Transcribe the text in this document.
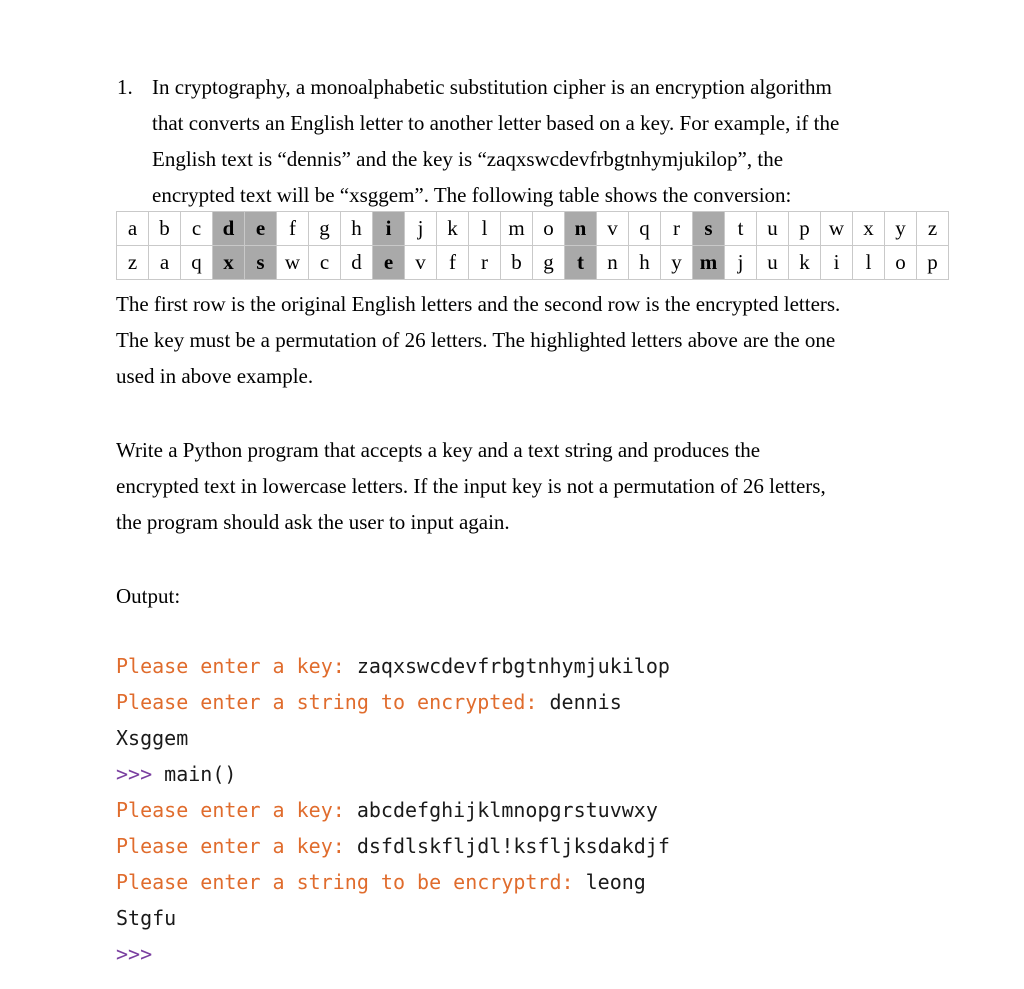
1. In cryptography, a monoalphabetic substitution cipher is an encryption algorithm

that converts an English letter to another letter based on a key. For example, if the

English text is “dennis” and the key is “zaqxswcdevfrbgtnhymjukilop”, the

encrypted text will be “xsggem”. The following table shows the conversion:

a	b	c	d	e	f	g	h	i	j	k	l	m	o	n	v	q	r	s	t	u	p	w	x	y	z
z	a	q	x	s	w	c	d	e	v	f	r	b	g	t	n	h	y	m	j	u	k	i	l	o	p

The first row is the original English letters and the second row is the encrypted letters.
The key must be a permutation of 26 letters. The highlighted letters above are the one
used in above example.

Write a Python program that accepts a key and a text string and produces the
encrypted text in lowercase letters. If the input key is not a permutation of 26 letters,
the program should ask the user to input again.

Output:
Please enter a key: zaqxswcdevfrbgtnhymjukilop
Please enter a string to encrypted: dennis
Xsggem
>>> main()
Please enter a key: abcdefghijklmnopgrstuvwxy
Please enter a key: dsfdlskfljdl!ksfljksdakdjf
Please enter a string to be encryptrd: leong
Stgfu
>>>
